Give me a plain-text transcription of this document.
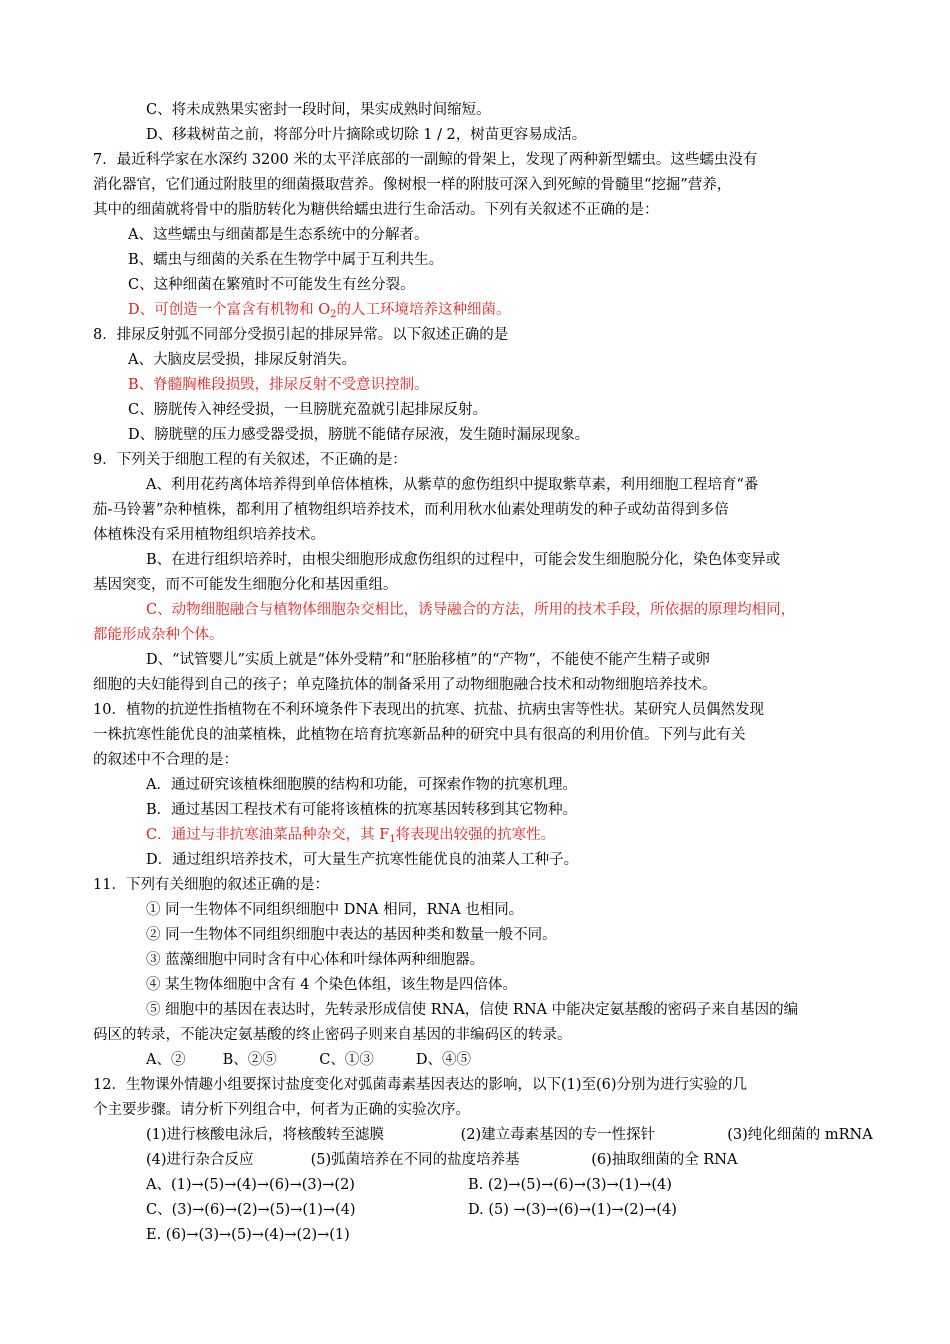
C、将未成熟果实密封一段时间，果实成熟时间缩短。
D、移栽树苗之前，将部分叶片摘除或切除 1 / 2，树苗更容易成活。
7．最近科学家在水深约 3200 米的太平洋底部的一副鲸的骨架上，发现了两种新型蠕虫。这些蠕虫没有
消化器官，它们通过附肢里的细菌摄取营养。像树根一样的附肢可深入到死鲸的骨髓里“挖掘”营养，
其中的细菌就将骨中的脂肪转化为糖供给蠕虫进行生命活动。下列有关叙述不正确的是：
A、这些蠕虫与细菌都是生态系统中的分解者。
B、蠕虫与细菌的关系在生物学中属于互利共生。
C、这种细菌在繁殖时不可能发生有丝分裂。
D、可创造一个富含有机物和 $O_2$的人工环境培养这种细菌。
8．排尿反射弧不同部分受损引起的排尿异常。以下叙述正确的是
A、大脑皮层受损，排尿反射消失。
B、脊髓胸椎段损毁，排尿反射不受意识控制。
C、膀胱传入神经受损，一旦膀胱充盈就引起排尿反射。
D、膀胱壁的压力感受器受损，膀胱不能储存尿液，发生随时漏尿现象。
9．下列关于细胞工程的有关叙述，不正确的是：
A、利用花药离体培养得到单倍体植株，从紫草的愈伤组织中提取紫草素，利用细胞工程培育“番
茄-马铃薯”杂种植株，都利用了植物组织培养技术，而利用秋水仙素处理萌发的种子或幼苗得到多倍
体植株没有采用植物组织培养技术。
B、在进行组织培养时，由根尖细胞形成愈伤组织的过程中，可能会发生细胞脱分化，染色体变异或
基因突变，而不可能发生细胞分化和基因重组。
C、动物细胞融合与植物体细胞杂交相比，诱导融合的方法，所用的技术手段，所依据的原理均相同，
都能形成杂种个体。
D、“试管婴儿”实质上就是“体外受精”和“胚胎移植”的“产物”，不能使不能产生精子或卵
细胞的夫妇能得到自己的孩子；单克隆抗体的制备采用了动物细胞融合技术和动物细胞培养技术。
10．植物的抗逆性指植物在不利环境条件下表现出的抗寒、抗盐、抗病虫害等性状。某研究人员偶然发现
一株抗寒性能优良的油菜植株，此植物在培育抗寒新品种的研究中具有很高的利用价值。下列与此有关
的叙述中不合理的是：
A．通过研究该植株细胞膜的结构和功能，可探索作物的抗寒机理。
B．通过基因工程技术有可能将该植株的抗寒基因转移到其它物种。
C．通过与非抗寒油菜品种杂交，其 $F_1$将表现出较强的抗寒性。
D．通过组织培养技术，可大量生产抗寒性能优良的油菜人工种子。
11．下列有关细胞的叙述正确的是：
① 同一生物体不同组织细胞中 DNA 相同，RNA 也相同。
② 同一生物体不同组织细胞中表达的基因种类和数量一般不同。
③ 蓝藻细胞中同时含有中心体和叶绿体两种细胞器。
④ 某生物体细胞中含有 4 个染色体组，该生物是四倍体。
⑤ 细胞中的基因在表达时，先转录形成信使 RNA，信使 RNA 中能决定氨基酸的密码子来自基因的编
码区的转录，不能决定氨基酸的终止密码子则来自基因的非编码区的转录。
A、②	B、②⑤	C、①③	D、④⑤
12．生物课外情趣小组要探讨盐度变化对弧菌毒素基因表达的影响，以下(1)至(6)分别为进行实验的几
个主要步骤。请分析下列组合中，何者为正确的实验次序。
(1)进行核酸电泳后，将核酸转至滤膜	(2)建立毒素基因的专一性探针	(3)纯化细菌的 mRNA
(4)进行杂合反应	(5)弧菌培养在不同的盐度培养基	(6)抽取细菌的全 RNA
A、(1)→(5)→(4)→(6)→(3)→(2)	B. (2)→(5)→(6)→(3)→(1)→(4)
C、(3)→(6)→(2)→(5)→(1)→(4)	D. (5) →(3)→(6)→(1)→(2)→(4)
E. (6)→(3)→(5)→(4)→(2)→(1)
